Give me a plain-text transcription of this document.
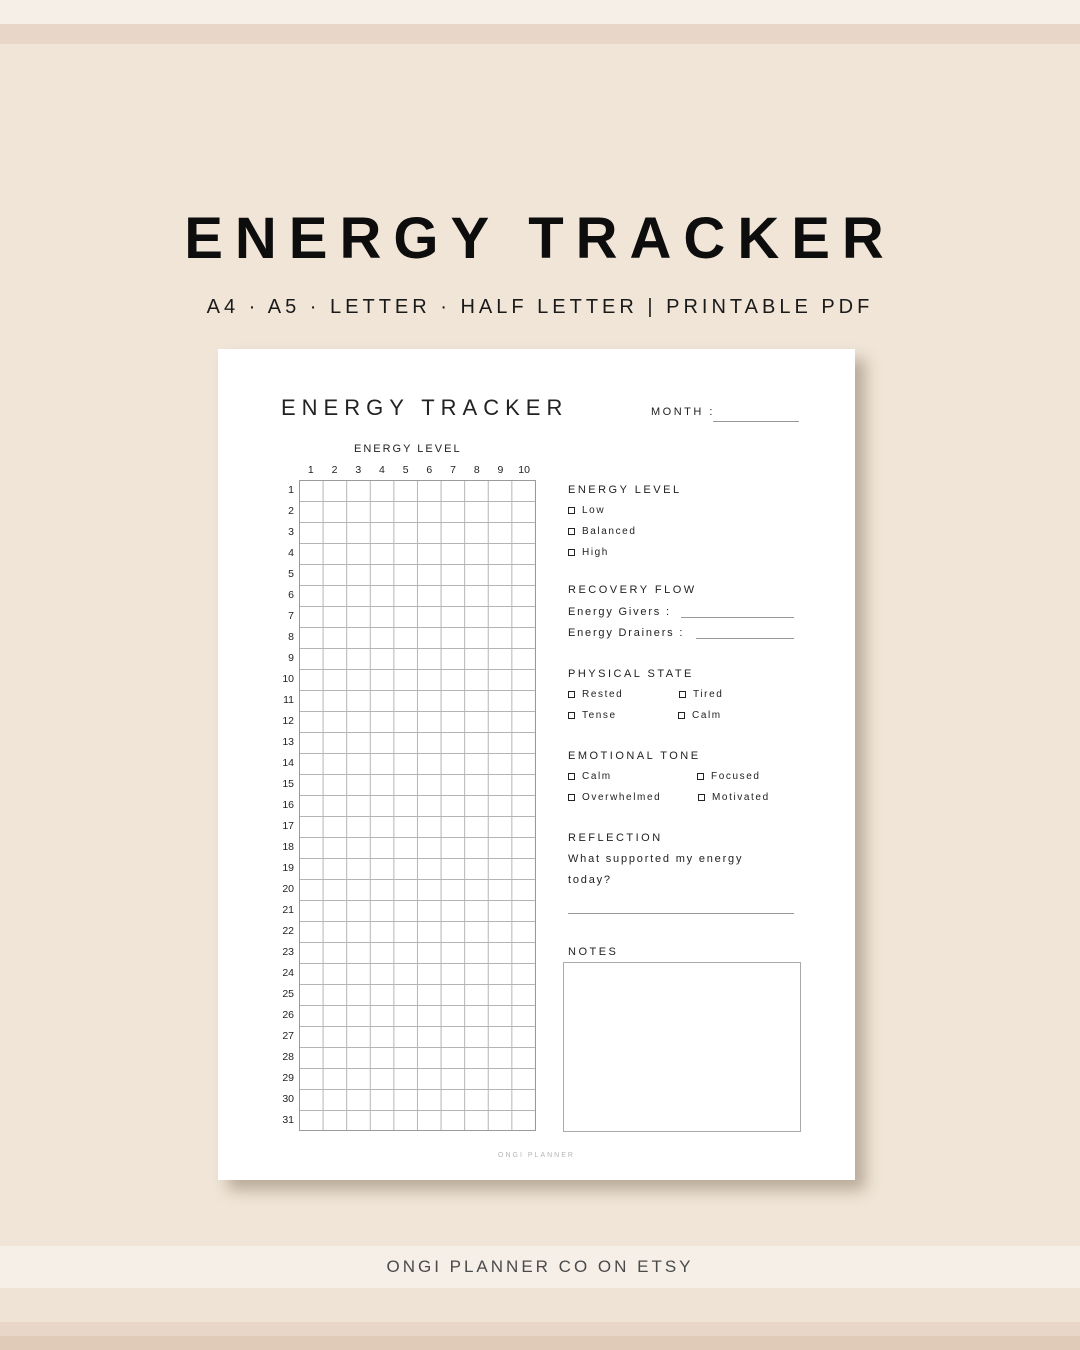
ENERGY TRACKER
A4 · A5 · LETTER · HALF LETTER | PRINTABLE PDF
ENERGY TRACKER	MONTH :
ENERGY LEVEL
1	2	3	4	5	6	7	8	9	10
1
2
3
4
5
6
7
8
9
10
11
12
13
14
15
16
17
18
19
20
21
22
23
24
25
26
27
28
29
30
31
ENERGY LEVEL
Low
Balanced
High
RECOVERY FLOW
Energy Givers :
Energy Drainers :
PHYSICAL STATE
Rested	Tired
Tense	Calm
EMOTIONAL TONE
Calm	Focused
Overwhelmed	Motivated
REFLECTION
What supported my energy
today?
NOTES
ONGI PLANNER
ONGI PLANNER CO ON ETSY
